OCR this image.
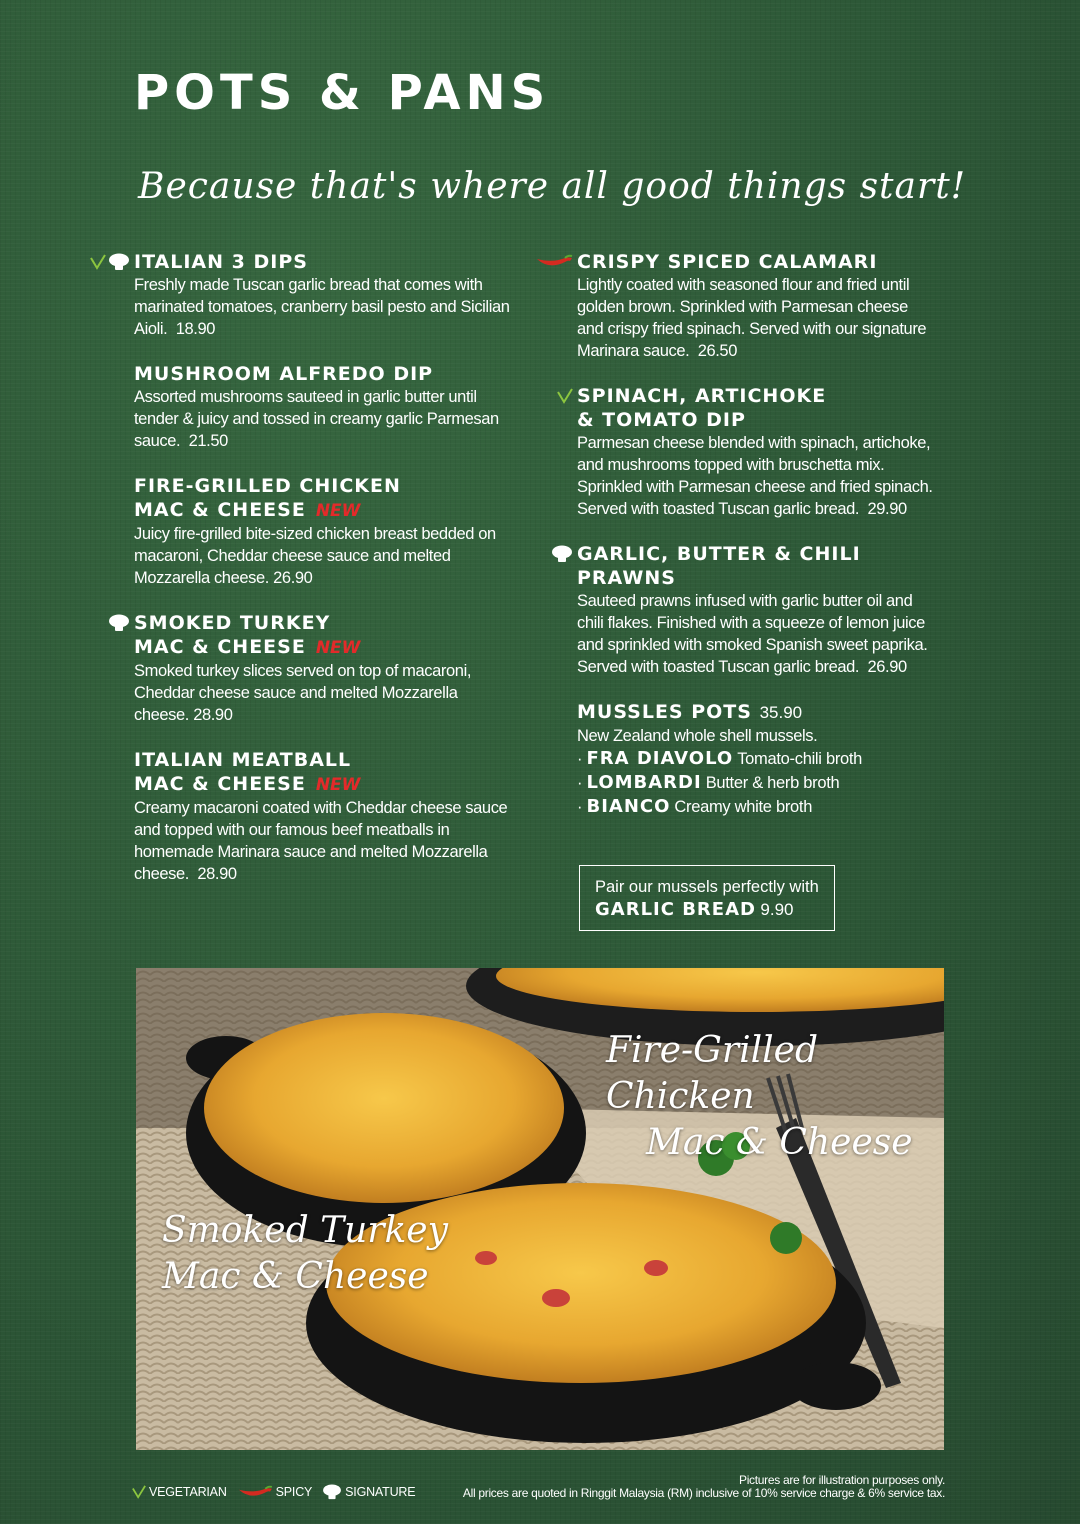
POTS & PANS

Because that's where all good things start!

ITALIAN 3 DIPS

Freshly made Tuscan garlic bread that comes with marinated tomatoes, cranberry basil pesto and Sicilian Aioli. 18.90

MUSHROOM ALFREDO DIP

Assorted mushrooms sauteed in garlic butter until tender & juicy and tossed in creamy garlic Parmesan sauce. 21.50

FIRE-GRILLED CHICKEN

MAC & CHEESE NEW

Juicy fire-grilled bite-sized chicken breast bedded on macaroni, Cheddar cheese sauce and melted Mozzarella cheese. 26.90

SMOKED TURKEY

MAC & CHEESE NEW

Smoked turkey slices served on top of macaroni, Cheddar cheese sauce and melted Mozzarella cheese. 28.90

ITALIAN MEATBALL

MAC & CHEESE NEW

Creamy macaroni coated with Cheddar cheese sauce and topped with our famous beef meatballs in homemade Marinara sauce and melted Mozzarella cheese. 28.90

CRISPY SPICED CALAMARI

Lightly coated with seasoned flour and fried until golden brown. Sprinkled with Parmesan cheese and crispy fried spinach. Served with our signature Marinara sauce. 26.50

SPINACH, ARTICHOKE

& TOMATO DIP

Parmesan cheese blended with spinach, artichoke, and mushrooms topped with bruschetta mix. Sprinkled with Parmesan cheese and fried spinach. Served with toasted Tuscan garlic bread. 29.90

GARLIC, BUTTER & CHILI

PRAWNS

Sauteed prawns infused with garlic butter oil and chili flakes. Finished with a squeeze of lemon juice and sprinkled with smoked Spanish sweet paprika. Served with toasted Tuscan garlic bread. 26.90

MUSSLES POTS 35.90

New Zealand whole shell mussels.

· FRA DIAVOLO Tomato-chili broth

· LOMBARDI Butter & herb broth

· BIANCO Creamy white broth

Pair our mussels perfectly with

GARLIC BREAD 9.90

Fire-Grilled Chicken
Mac & Cheese

Smoked Turkey
Mac & Cheese

VEGETARIAN	SPICY	SIGNATURE

Pictures are for illustration purposes only.

All prices are quoted in Ringgit Malaysia (RM) inclusive of 10% service charge & 6% service tax.
